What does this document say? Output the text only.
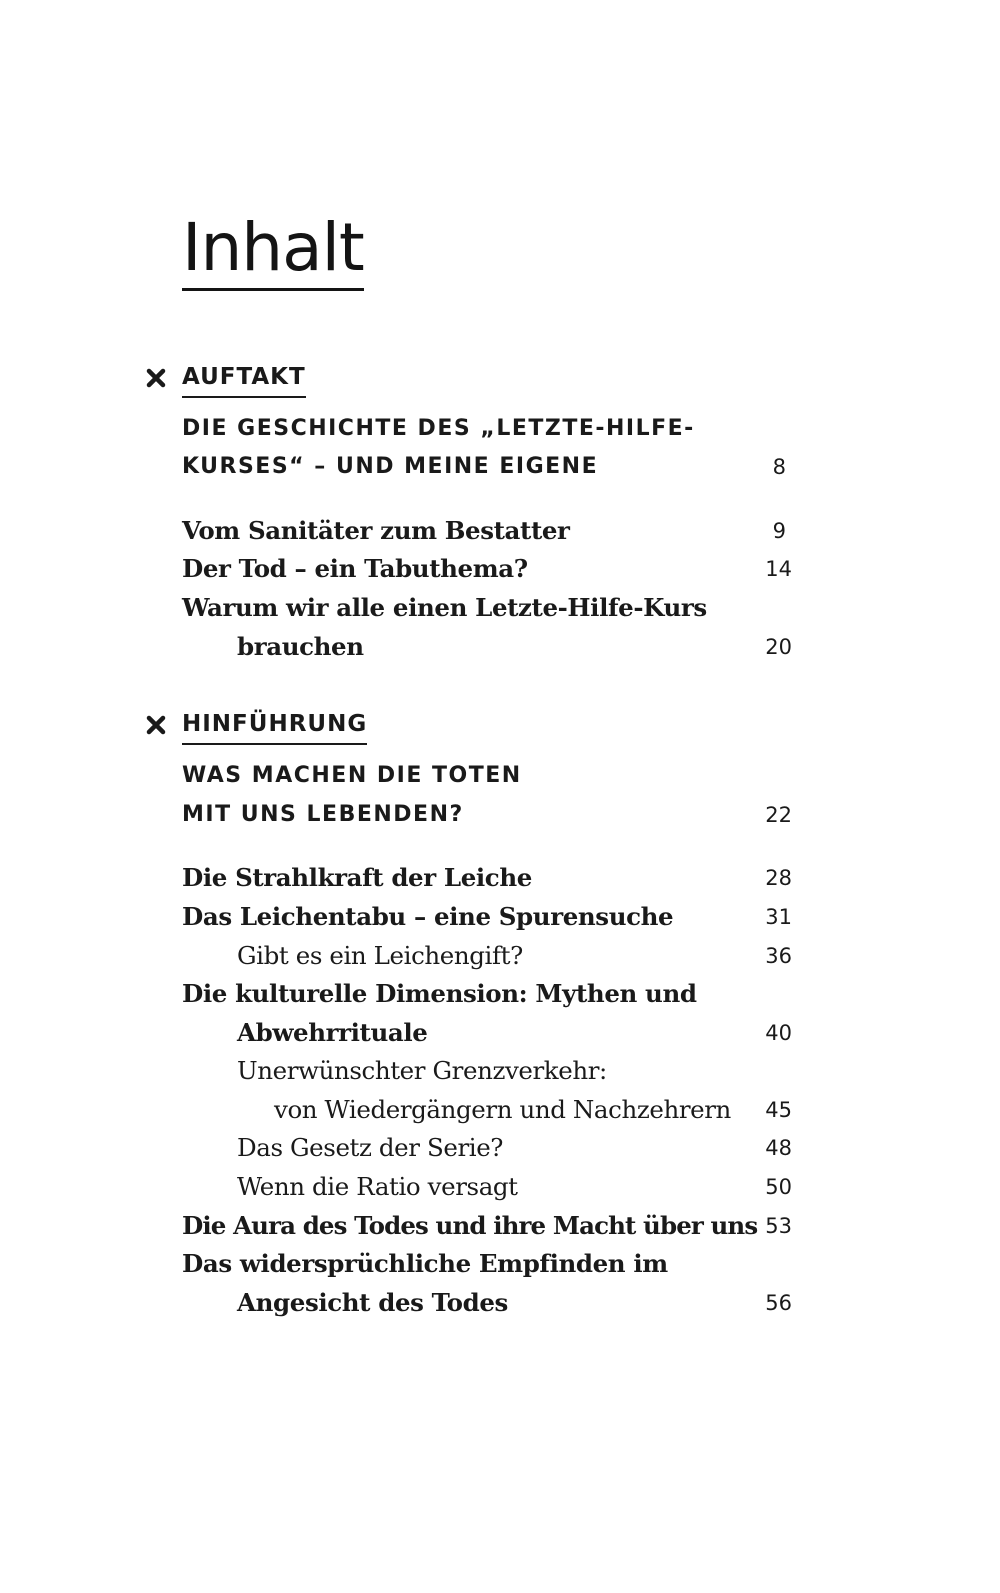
Inhalt
AUFTAKT
DIE GESCHICHTE DES „LETZTE-HILFE-
KURSES“ – UND MEINE EIGENE	8
Vom Sanitäter zum Bestatter	9
Der Tod – ein Tabuthema?	14
Warum wir alle einen Letzte-Hilfe-Kurs
brauchen	20
HINFÜHRUNG
WAS MACHEN DIE TOTEN
MIT UNS LEBENDEN?	22
Die Strahlkraft der Leiche	28
Das Leichentabu – eine Spurensuche	31
Gibt es ein Leichengift?	36
Die kulturelle Dimension: Mythen und
Abwehrrituale	40
Unerwünschter Grenzverkehr:
von Wiedergängern und Nachzehrern 45
Das Gesetz der Serie?	48
Wenn die Ratio versagt	50
Die Aura des Todes und ihre Macht über uns 53
Das widersprüchliche Empfinden im
Angesicht des Todes	56
